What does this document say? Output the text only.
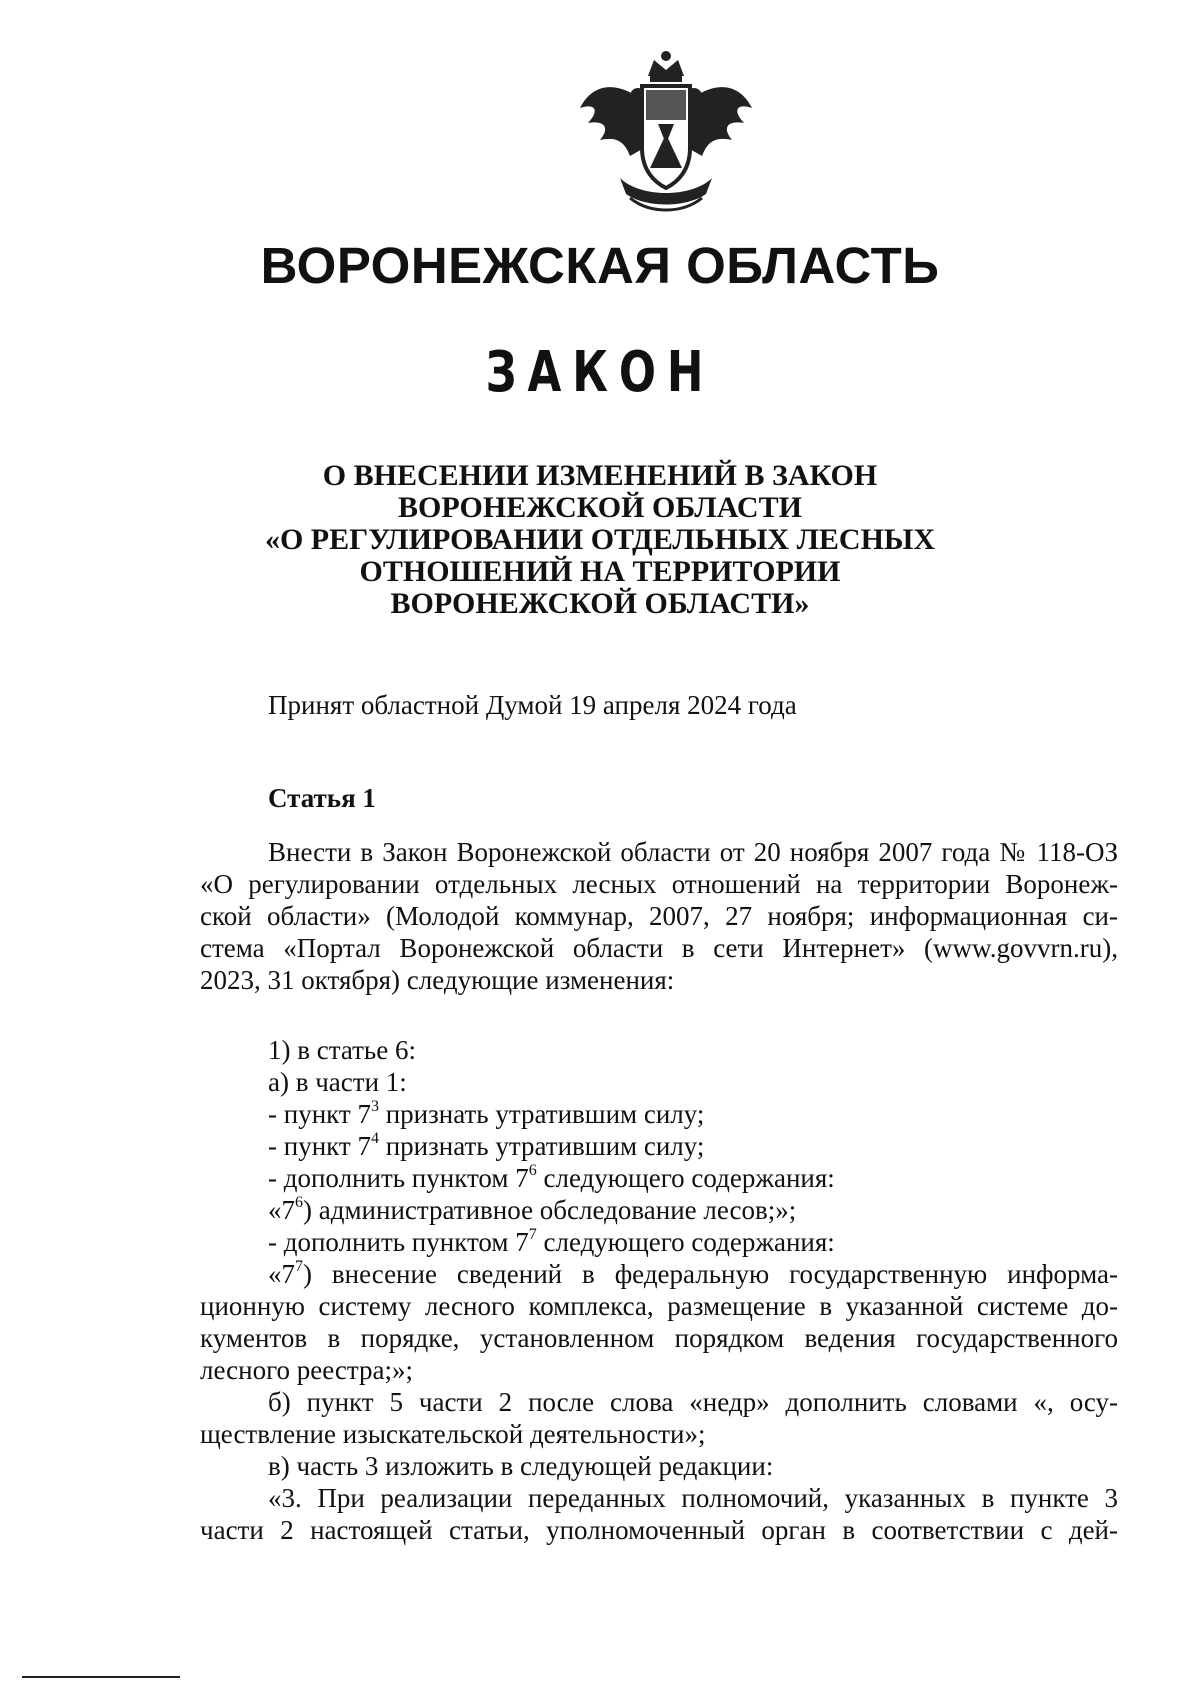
ВОРОНЕЖСКАЯ ОБЛАСТЬ
ЗАКОН
О ВНЕСЕНИИ ИЗМЕНЕНИЙ В ЗАКОН
ВОРОНЕЖСКОЙ ОБЛАСТИ
«О РЕГУЛИРОВАНИИ ОТДЕЛЬНЫХ ЛЕСНЫХ
ОТНОШЕНИЙ НА ТЕРРИТОРИИ
ВОРОНЕЖСКОЙ ОБЛАСТИ»
Принят областной Думой 19 апреля 2024 года
Статья 1
Внести в Закон Воронежской области от 20 ноября 2007 года № 118-ОЗ
«О регулировании отдельных лесных отношений на территории Воронеж-
ской области» (Молодой коммунар, 2007, 27 ноября; информационная си-
стема «Портал Воронежской области в сети Интернет» (www.govvrn.ru),
2023, 31 октября) следующие изменения:
1) в статье 6:
а) в части 1:
- пункт $7^3$ признать утратившим силу;
- пункт $7^4$ признать утратившим силу;
- дополнить пунктом $7^6$ следующего содержания:
«$7^6$) административное обследование лесов;»;
- дополнить пунктом $7^7$ следующего содержания:
«$7^7$) внесение сведений в федеральную государственную информа-
ционную систему лесного комплекса, размещение в указанной системе до-
кументов в порядке, установленном порядком ведения государственного
лесного реестра;»;
б) пункт 5 части 2 после слова «недр» дополнить словами «, осу-
ществление изыскательской деятельности»;
в) часть 3 изложить в следующей редакции:
«3. При реализации переданных полномочий, указанных в пункте 3
части 2 настоящей статьи, уполномоченный орган в соответствии с дей-
